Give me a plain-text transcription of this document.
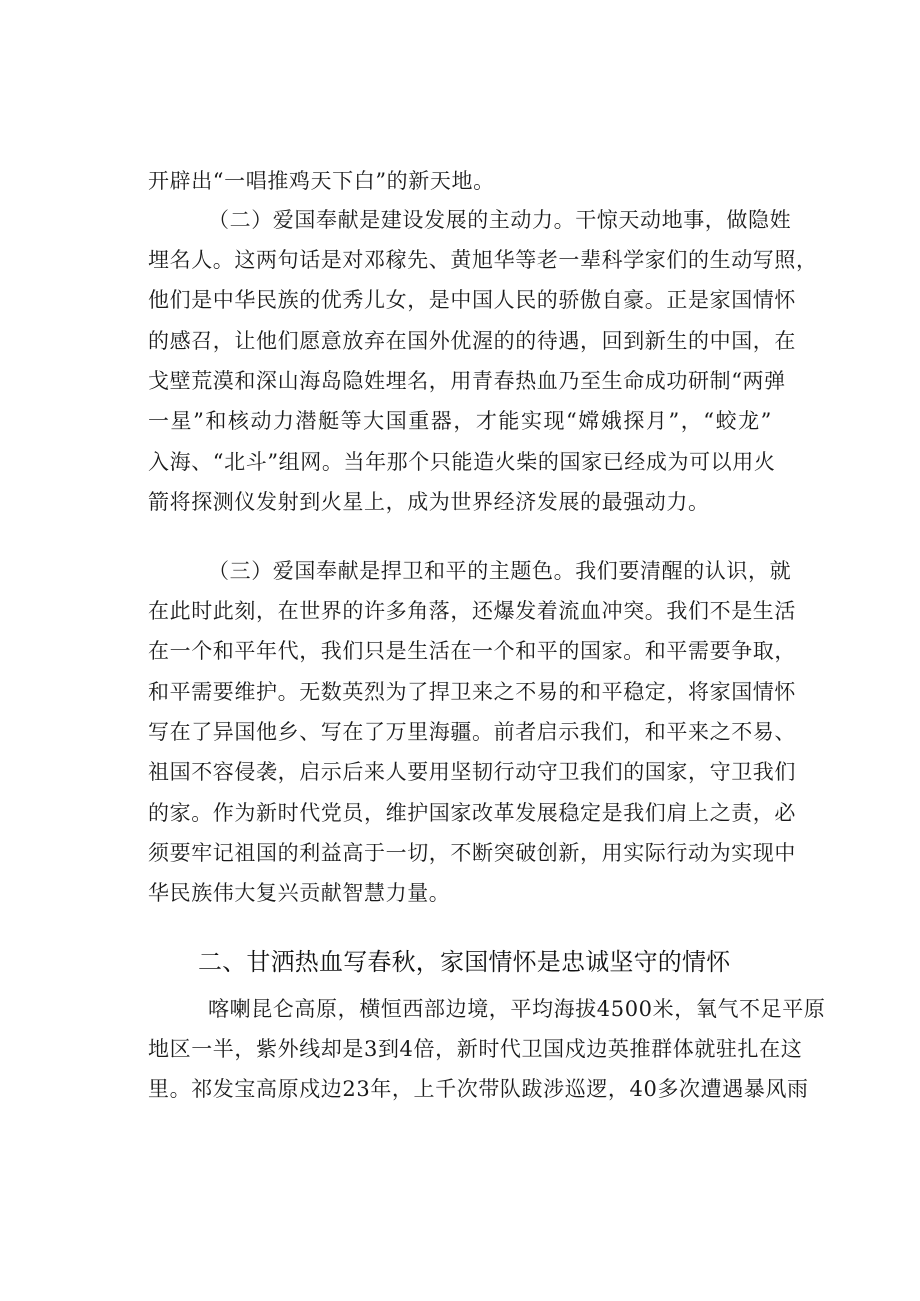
开辟出“一唱推鸡天下白”的新天地。
（二）爱国奉献是建设发展的主动力。干惊天动地事，做隐姓
埋名人。这两句话是对邓稼先、黄旭华等老一辈科学家们的生动写照，
他们是中华民族的优秀儿女，是中国人民的骄傲自豪。正是家国情怀
的感召，让他们愿意放弃在国外优渥的的待遇，回到新生的中国，在
戈壁荒漠和深山海岛隐姓埋名，用青春热血乃至生命成功研制“两弹
一星”和核动力潜艇等大国重器，才能实现“嫦娥探月”，“蛟龙”
入海、“北斗”组网。当年那个只能造火柴的国家已经成为可以用火
箭将探测仪发射到火星上，成为世界经济发展的最强动力。
（三）爱国奉献是捍卫和平的主题色。我们要清醒的认识，就
在此时此刻，在世界的许多角落，还爆发着流血冲突。我们不是生活
在一个和平年代，我们只是生活在一个和平的国家。和平需要争取，
和平需要维护。无数英烈为了捍卫来之不易的和平稳定，将家国情怀
写在了异国他乡、写在了万里海疆。前者启示我们，和平来之不易、
祖国不容侵袭，启示后来人要用坚韧行动守卫我们的国家，守卫我们
的家。作为新时代党员，维护国家改革发展稳定是我们肩上之责，必
须要牢记祖国的利益高于一切，不断突破创新，用实际行动为实现中
华民族伟大复兴贡献智慧力量。
二、甘洒热血写春秋，家国情怀是忠诚坚守的情怀
喀喇昆仑高原，横恒西部边境，平均海拔4500米，氧气不足平原
地区一半，紫外线却是3到4倍，新时代卫国戍边英推群体就驻扎在这
里。祁发宝高原戍边23年，上千次带队跋涉巡逻，40多次遭遇暴风雨
